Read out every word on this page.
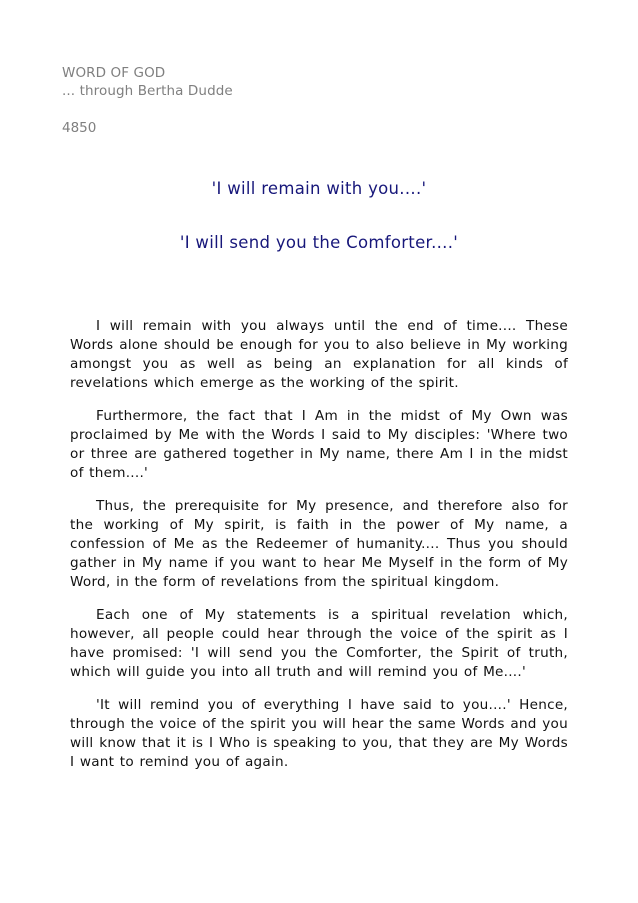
WORD OF GOD
... through Bertha Dudde
4850
'I will remain with you....'
'I will send you the Comforter....'

I will remain with you always until the end of time.... These Words alone should be enough for you to also believe in My working amongst you as well as being an explanation for all kinds of revelations which emerge as the working of the spirit.

Furthermore, the fact that I Am in the midst of My Own was proclaimed by Me with the Words I said to My disciples: 'Where two or three are gathered together in My name, there Am I in the midst of them....'

Thus, the prerequisite for My presence, and therefore also for the working of My spirit, is faith in the power of My name, a confession of Me as the Redeemer of humanity.... Thus you should gather in My name if you want to hear Me Myself in the form of My Word, in the form of revelations from the spiritual kingdom.

Each one of My statements is a spiritual revelation which, however, all people could hear through the voice of the spirit as I have promised: 'I will send you the Comforter, the Spirit of truth, which will guide you into all truth and will remind you of Me....'

'It will remind you of everything I have said to you....' Hence, through the voice of the spirit you will hear the same Words and you will know that it is I Who is speaking to you, that they are My Words I want to remind you of again.
